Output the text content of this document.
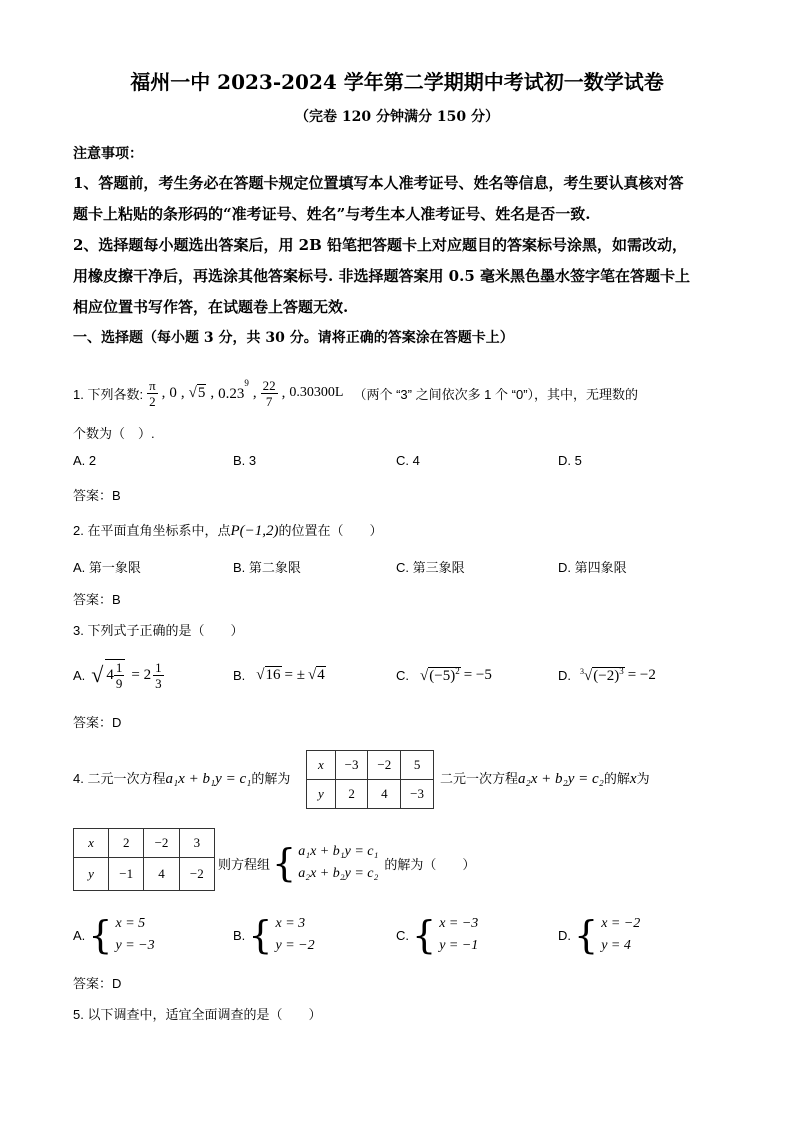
福州一中 2023-2024 学年第二学期期中考试初一数学试卷
（完卷 120 分钟满分 150 分）
注意事项：
1、答题前，考生务必在答题卡规定位置填写本人准考证号、姓名等信息，考生要认真核对答
题卡上粘贴的条形码的“准考证号、姓名”与考生本人准考证号、姓名是否一致.
2、选择题每小题选出答案后，用 2B 铅笔把答题卡上对应题目的答案标号涂黑，如需改动，
用橡皮擦干净后，再选涂其他答案标号. 非选择题答案用 0.5 毫米黑色墨水签字笔在答题卡上
相应位置书写作答，在试题卷上答题无效.
一、选择题（每小题 3 分，共 30 分。请将正确的答案涂在答题卡上）
1. 下列各数: $\frac{\pi}{2}$ , 0 , √5 , 0.23$^9$
, $\frac{22}{7}$ , 0.30300L （两个 “3” 之间依次多 1 个 “0”），其中，无理数的
个数为（　）.
A. 2	B. 3	C. 4	D. 5
答案：B
2. 在平面直角坐标系中，点P(−1,2)的位置在（　　）
A. 第一象限	B. 第二象限	C. 第三象限	D. 第四象限
答案：B
3. 下列式子正确的是（　　）
A. √ $4 \frac{1}{9} = 2 \frac{1}{3}$	B. √16 = ± √4	C. $√(-5)^2 = -5$	D. $^3√(-2)^3 = -2$
答案：D
4. 二元一次方程a₁x + b₁y = c₁的解为
x	−3	−2	5
y	2	4	−3
二元一次方程a₂x + b₂y = c₂的解x为
x	2	−2	3
y	−1	4	−2
则方程组 { a₁x + b₁y = c₁
a₂x + b₂y = c₂
的解为（　　）
A. { x = 5
y = −3
B. { x = 3
y = −2
C. { x = −3
y = −1
D. { x = −2
y = 4
答案：D
5. 以下调查中，适宜全面调查的是（　　）
